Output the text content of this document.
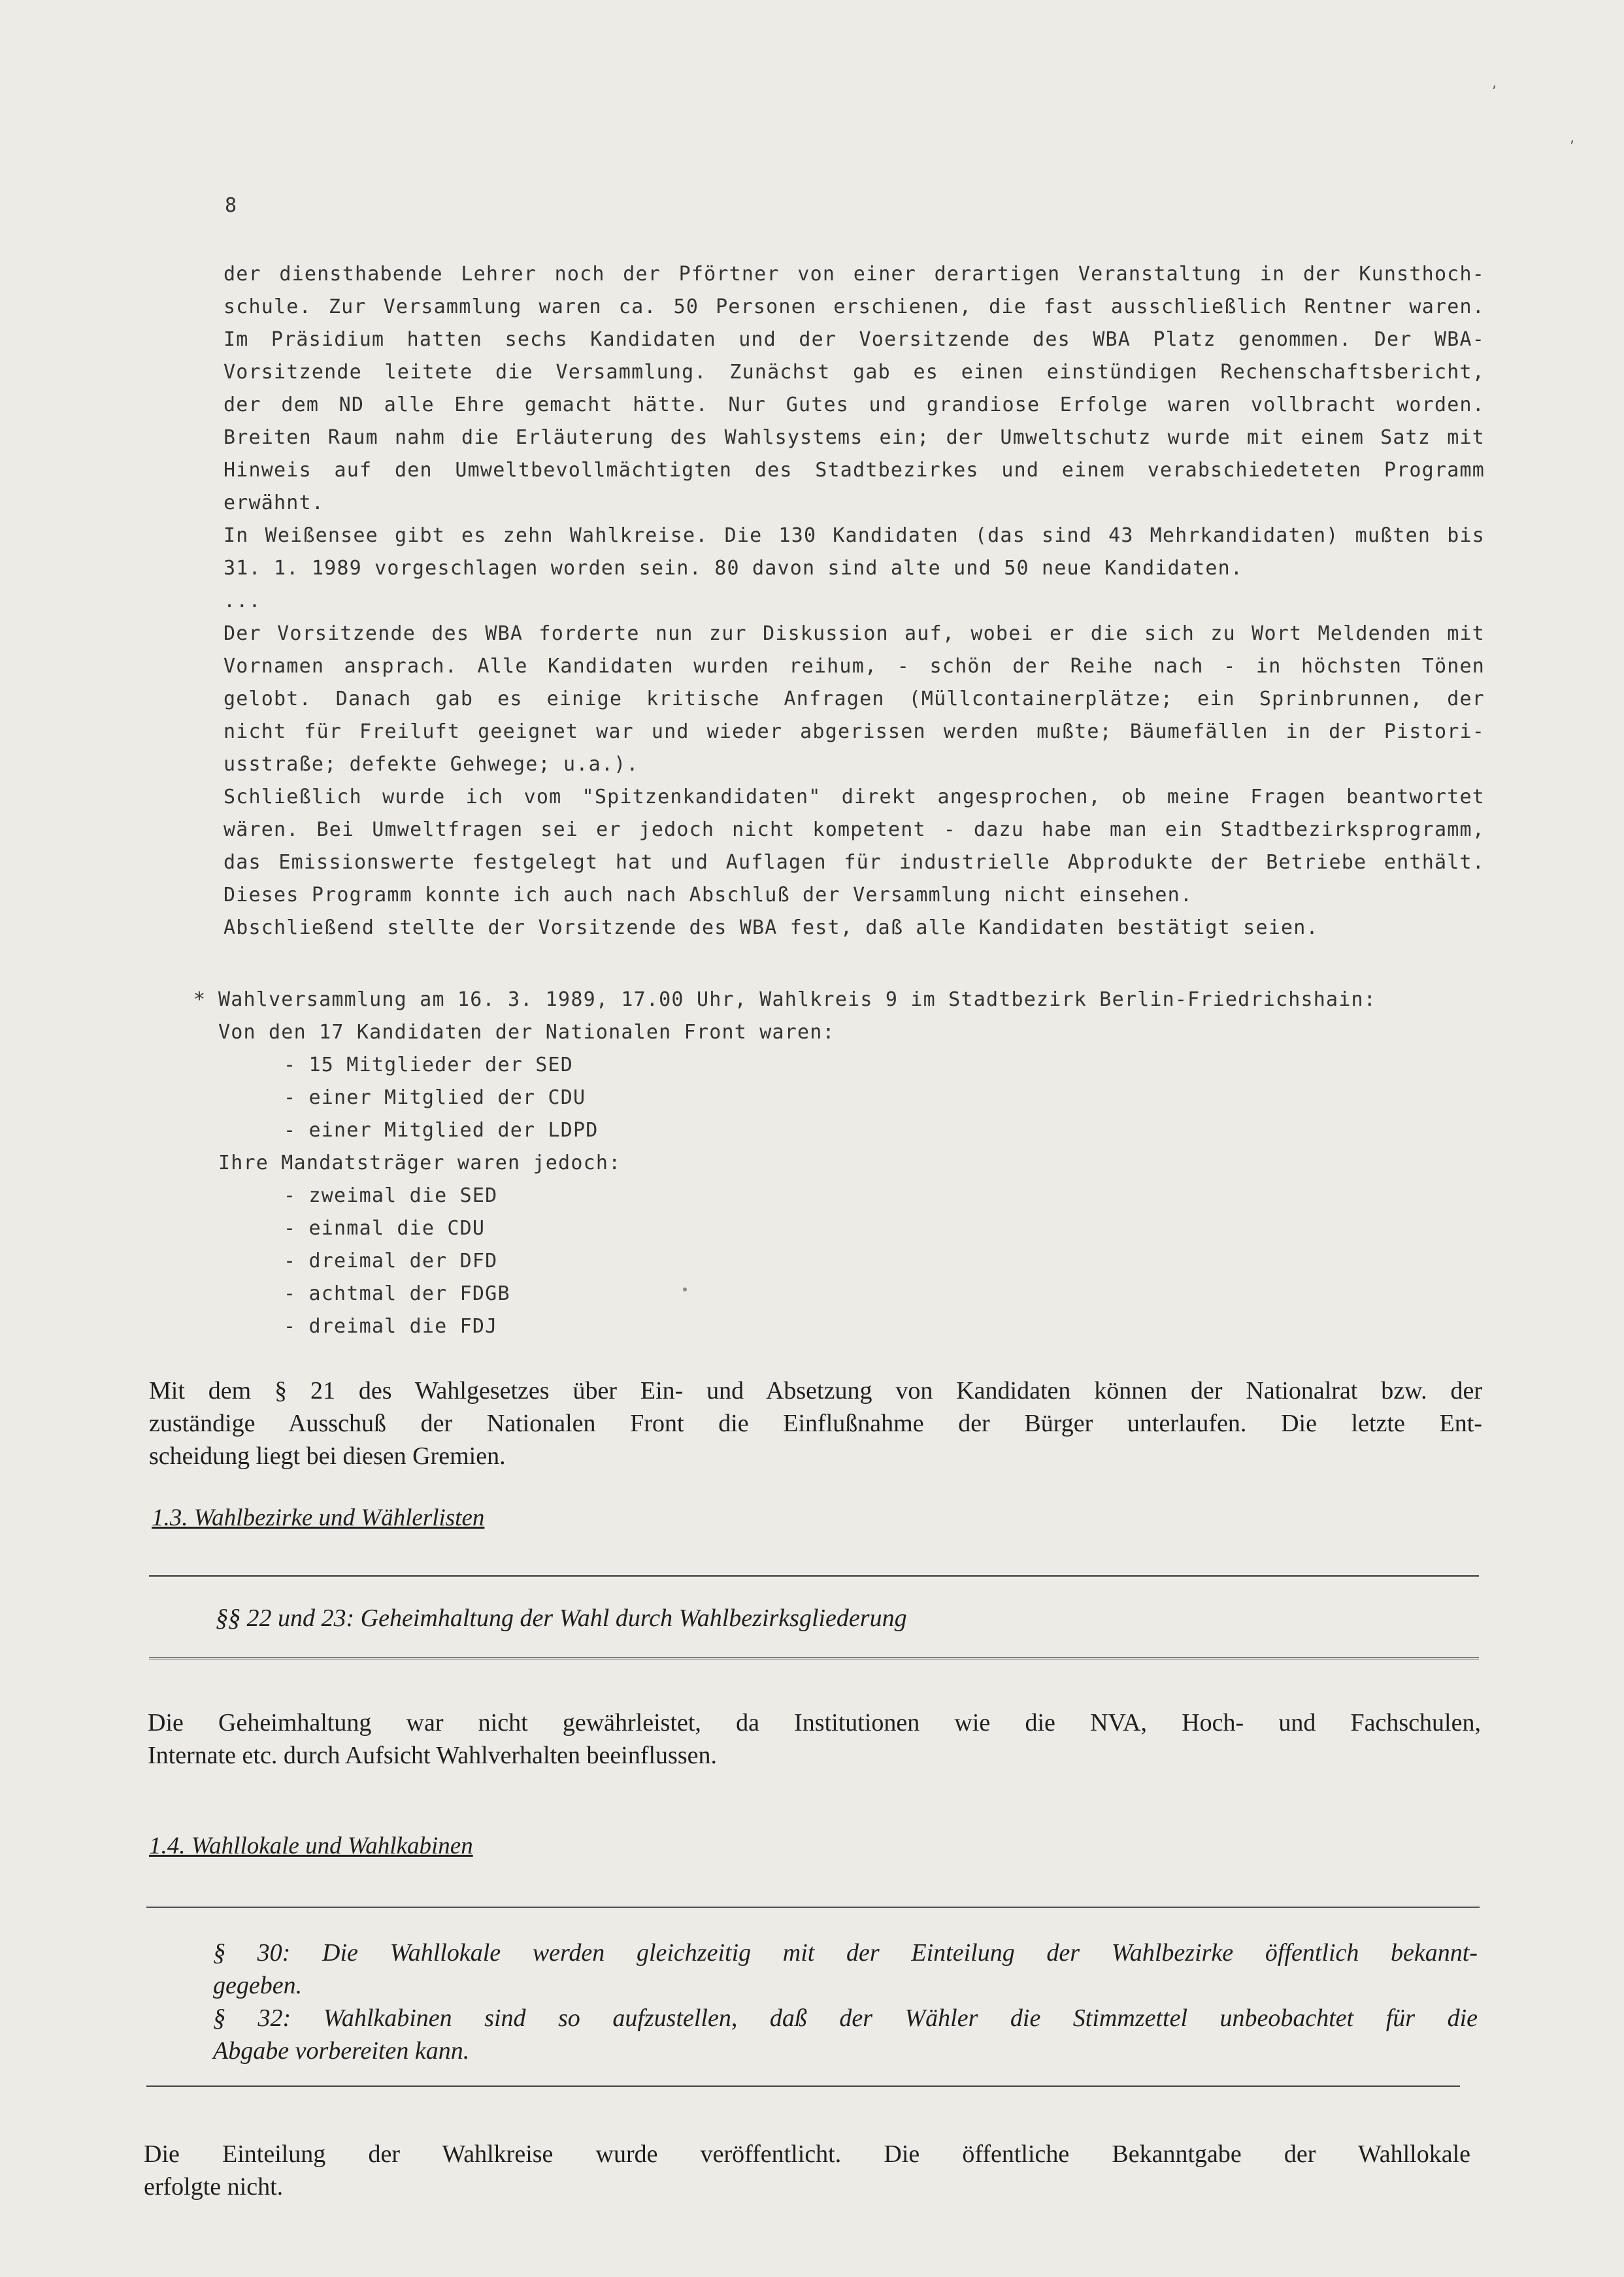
ʼ
ʼ
8
der diensthabende Lehrer noch der Pförtner von einer derartigen Veranstaltung in der Kunsthoch-
schule. Zur Versammlung waren ca. 50 Personen erschienen, die fast ausschließlich Rentner waren.
Im Präsidium hatten sechs Kandidaten und der Voersitzende des WBA Platz genommen. Der WBA-
Vorsitzende leitete die Versammlung. Zunächst gab es einen einstündigen Rechenschaftsbericht,
der dem ND alle Ehre gemacht hätte. Nur Gutes und grandiose Erfolge waren vollbracht worden.
Breiten Raum nahm die Erläuterung des Wahlsystems ein; der Umweltschutz wurde mit einem Satz mit
Hinweis auf den Umweltbevollmächtigten des Stadtbezirkes und einem verabschiedeteten Programm
erwähnt.
In Weißensee gibt es zehn Wahlkreise. Die 130 Kandidaten (das sind 43 Mehrkandidaten) mußten bis
31. 1. 1989 vorgeschlagen worden sein. 80 davon sind alte und 50 neue Kandidaten.
...
Der Vorsitzende des WBA forderte nun zur Diskussion auf, wobei er die sich zu Wort Meldenden mit
Vornamen ansprach. Alle Kandidaten wurden reihum, - schön der Reihe nach - in höchsten Tönen
gelobt. Danach gab es einige kritische Anfragen (Müllcontainerplätze; ein Sprinbrunnen, der
nicht für Freiluft geeignet war und wieder abgerissen werden mußte; Bäumefällen in der Pistori-
usstraße; defekte Gehwege; u.a.).
Schließlich wurde ich vom "Spitzenkandidaten" direkt angesprochen, ob meine Fragen beantwortet
wären. Bei Umweltfragen sei er jedoch nicht kompetent - dazu habe man ein Stadtbezirksprogramm,
das Emissionswerte festgelegt hat und Auflagen für industrielle Abprodukte der Betriebe enthält.
Dieses Programm konnte ich auch nach Abschluß der Versammlung nicht einsehen.
Abschließend stellte der Vorsitzende des WBA fest, daß alle Kandidaten bestätigt seien.
* Wahlversammlung am 16. 3. 1989, 17.00 Uhr, Wahlkreis 9 im Stadtbezirk Berlin-Friedrichshain:
Von den 17 Kandidaten der Nationalen Front waren:
- 15 Mitglieder der SED
- einer Mitglied der CDU
- einer Mitglied der LDPD
Ihre Mandatsträger waren jedoch:
- zweimal die SED
- einmal die CDU
- dreimal der DFD
- achtmal der FDGB
- dreimal die FDJ
Mit dem § 21 des Wahlgesetzes über Ein- und Absetzung von Kandidaten können der Nationalrat bzw. der
zuständige Ausschuß der Nationalen Front die Einflußnahme der Bürger unterlaufen. Die letzte Ent-
scheidung liegt bei diesen Gremien.
1.3. Wahlbezirke und Wählerlisten
§§ 22 und 23: Geheimhaltung der Wahl durch Wahlbezirksgliederung
Die Geheimhaltung war nicht gewährleistet, da Institutionen wie die NVA, Hoch- und Fachschulen,
Internate etc. durch Aufsicht Wahlverhalten beeinflussen.
1.4. Wahllokale und Wahlkabinen
§ 30: Die Wahllokale werden gleichzeitig mit der Einteilung der Wahlbezirke öffentlich bekannt-
gegeben.
§ 32: Wahlkabinen sind so aufzustellen, daß der Wähler die Stimmzettel unbeobachtet für die
Abgabe vorbereiten kann.
Die Einteilung der Wahlkreise wurde veröffentlicht. Die öffentliche Bekanntgabe der Wahllokale
erfolgte nicht.
